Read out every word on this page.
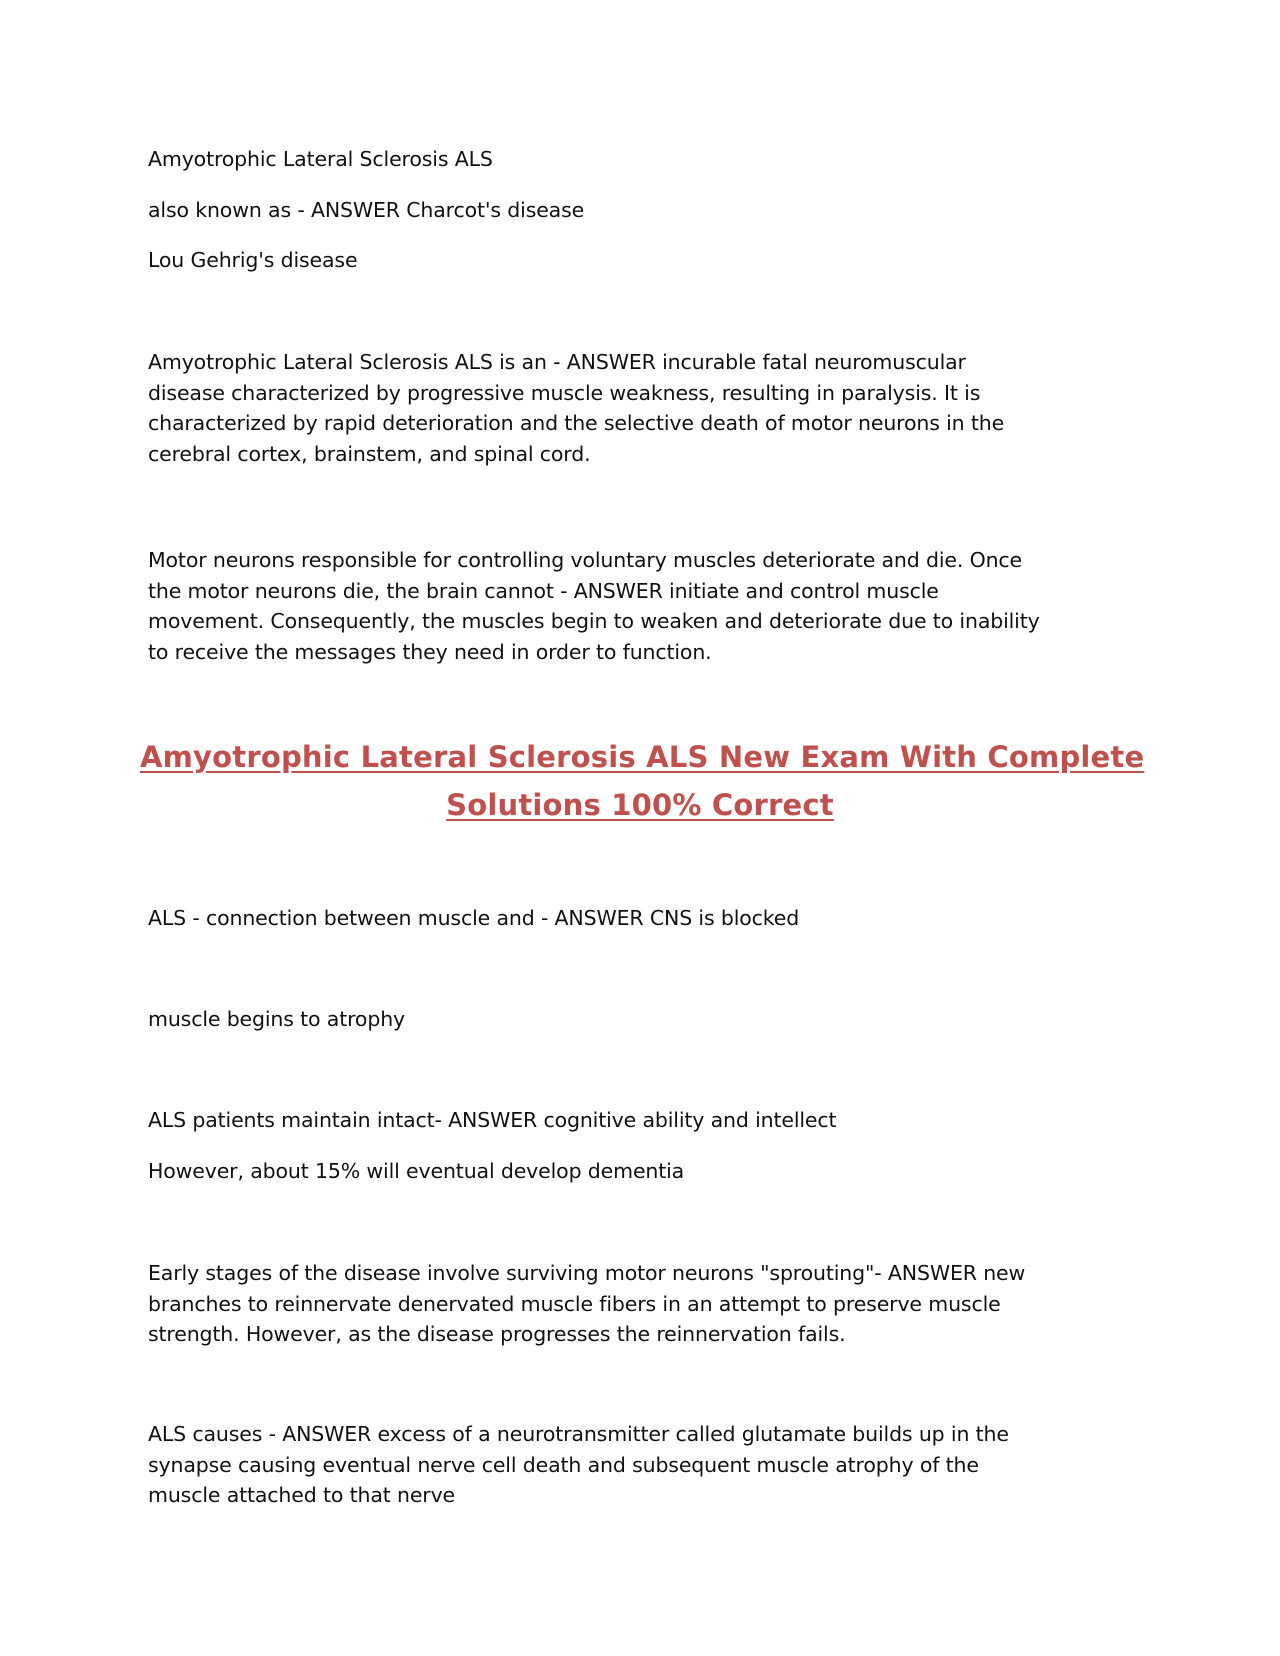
Amyotrophic Lateral Sclerosis ALS
also known as - ANSWER Charcot's disease
Lou Gehrig's disease
Amyotrophic Lateral Sclerosis ALS is an - ANSWER incurable fatal neuromuscular
disease characterized by progressive muscle weakness, resulting in paralysis. It is
characterized by rapid deterioration and the selective death of motor neurons in the
cerebral cortex, brainstem, and spinal cord.
Motor neurons responsible for controlling voluntary muscles deteriorate and die. Once
the motor neurons die, the brain cannot - ANSWER initiate and control muscle
movement. Consequently, the muscles begin to weaken and deteriorate due to inability
to receive the messages they need in order to function.
Amyotrophic Lateral Sclerosis ALS New Exam With Complete
Solutions 100% Correct
ALS - connection between muscle and - ANSWER CNS is blocked
muscle begins to atrophy
ALS patients maintain intact- ANSWER cognitive ability and intellect
However, about 15% will eventual develop dementia
Early stages of the disease involve surviving motor neurons "sprouting"- ANSWER new
branches to reinnervate denervated muscle fibers in an attempt to preserve muscle
strength. However, as the disease progresses the reinnervation fails.
ALS causes - ANSWER excess of a neurotransmitter called glutamate builds up in the
synapse causing eventual nerve cell death and subsequent muscle atrophy of the
muscle attached to that nerve
